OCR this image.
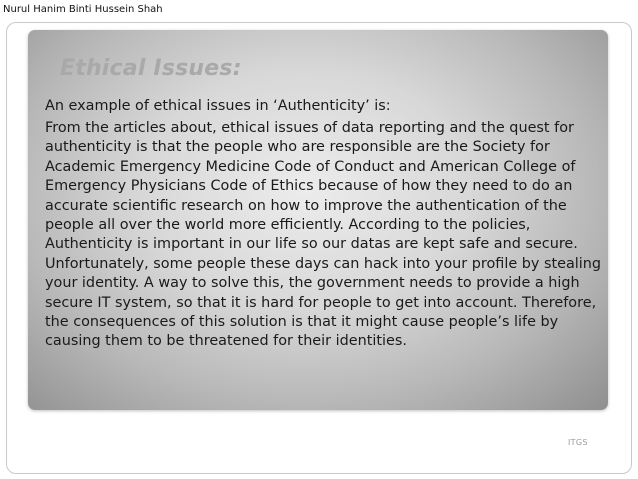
Nurul Hanim Binti Hussein Shah
Ethical Issues:
An example of ethical issues in ‘Authenticity’ is:

From the articles about, ethical issues of data reporting and the quest for authenticity is that the people who are responsible are the Society for Academic Emergency Medicine Code of Conduct and American College of Emergency Physicians Code of Ethics because of how they need to do an accurate scientific research on how to improve the authentication of the people all over the world more efficiently. According to the policies, Authenticity is important in our life so our datas are kept safe and secure. Unfortunately, some people these days can hack into your profile by stealing your identity. A way to solve this, the government needs to provide a high secure IT system, so that it is hard for people to get into account. Therefore, the consequences of this solution is that it might cause people’s life by causing them to be threatened for their identities.

ITGS
